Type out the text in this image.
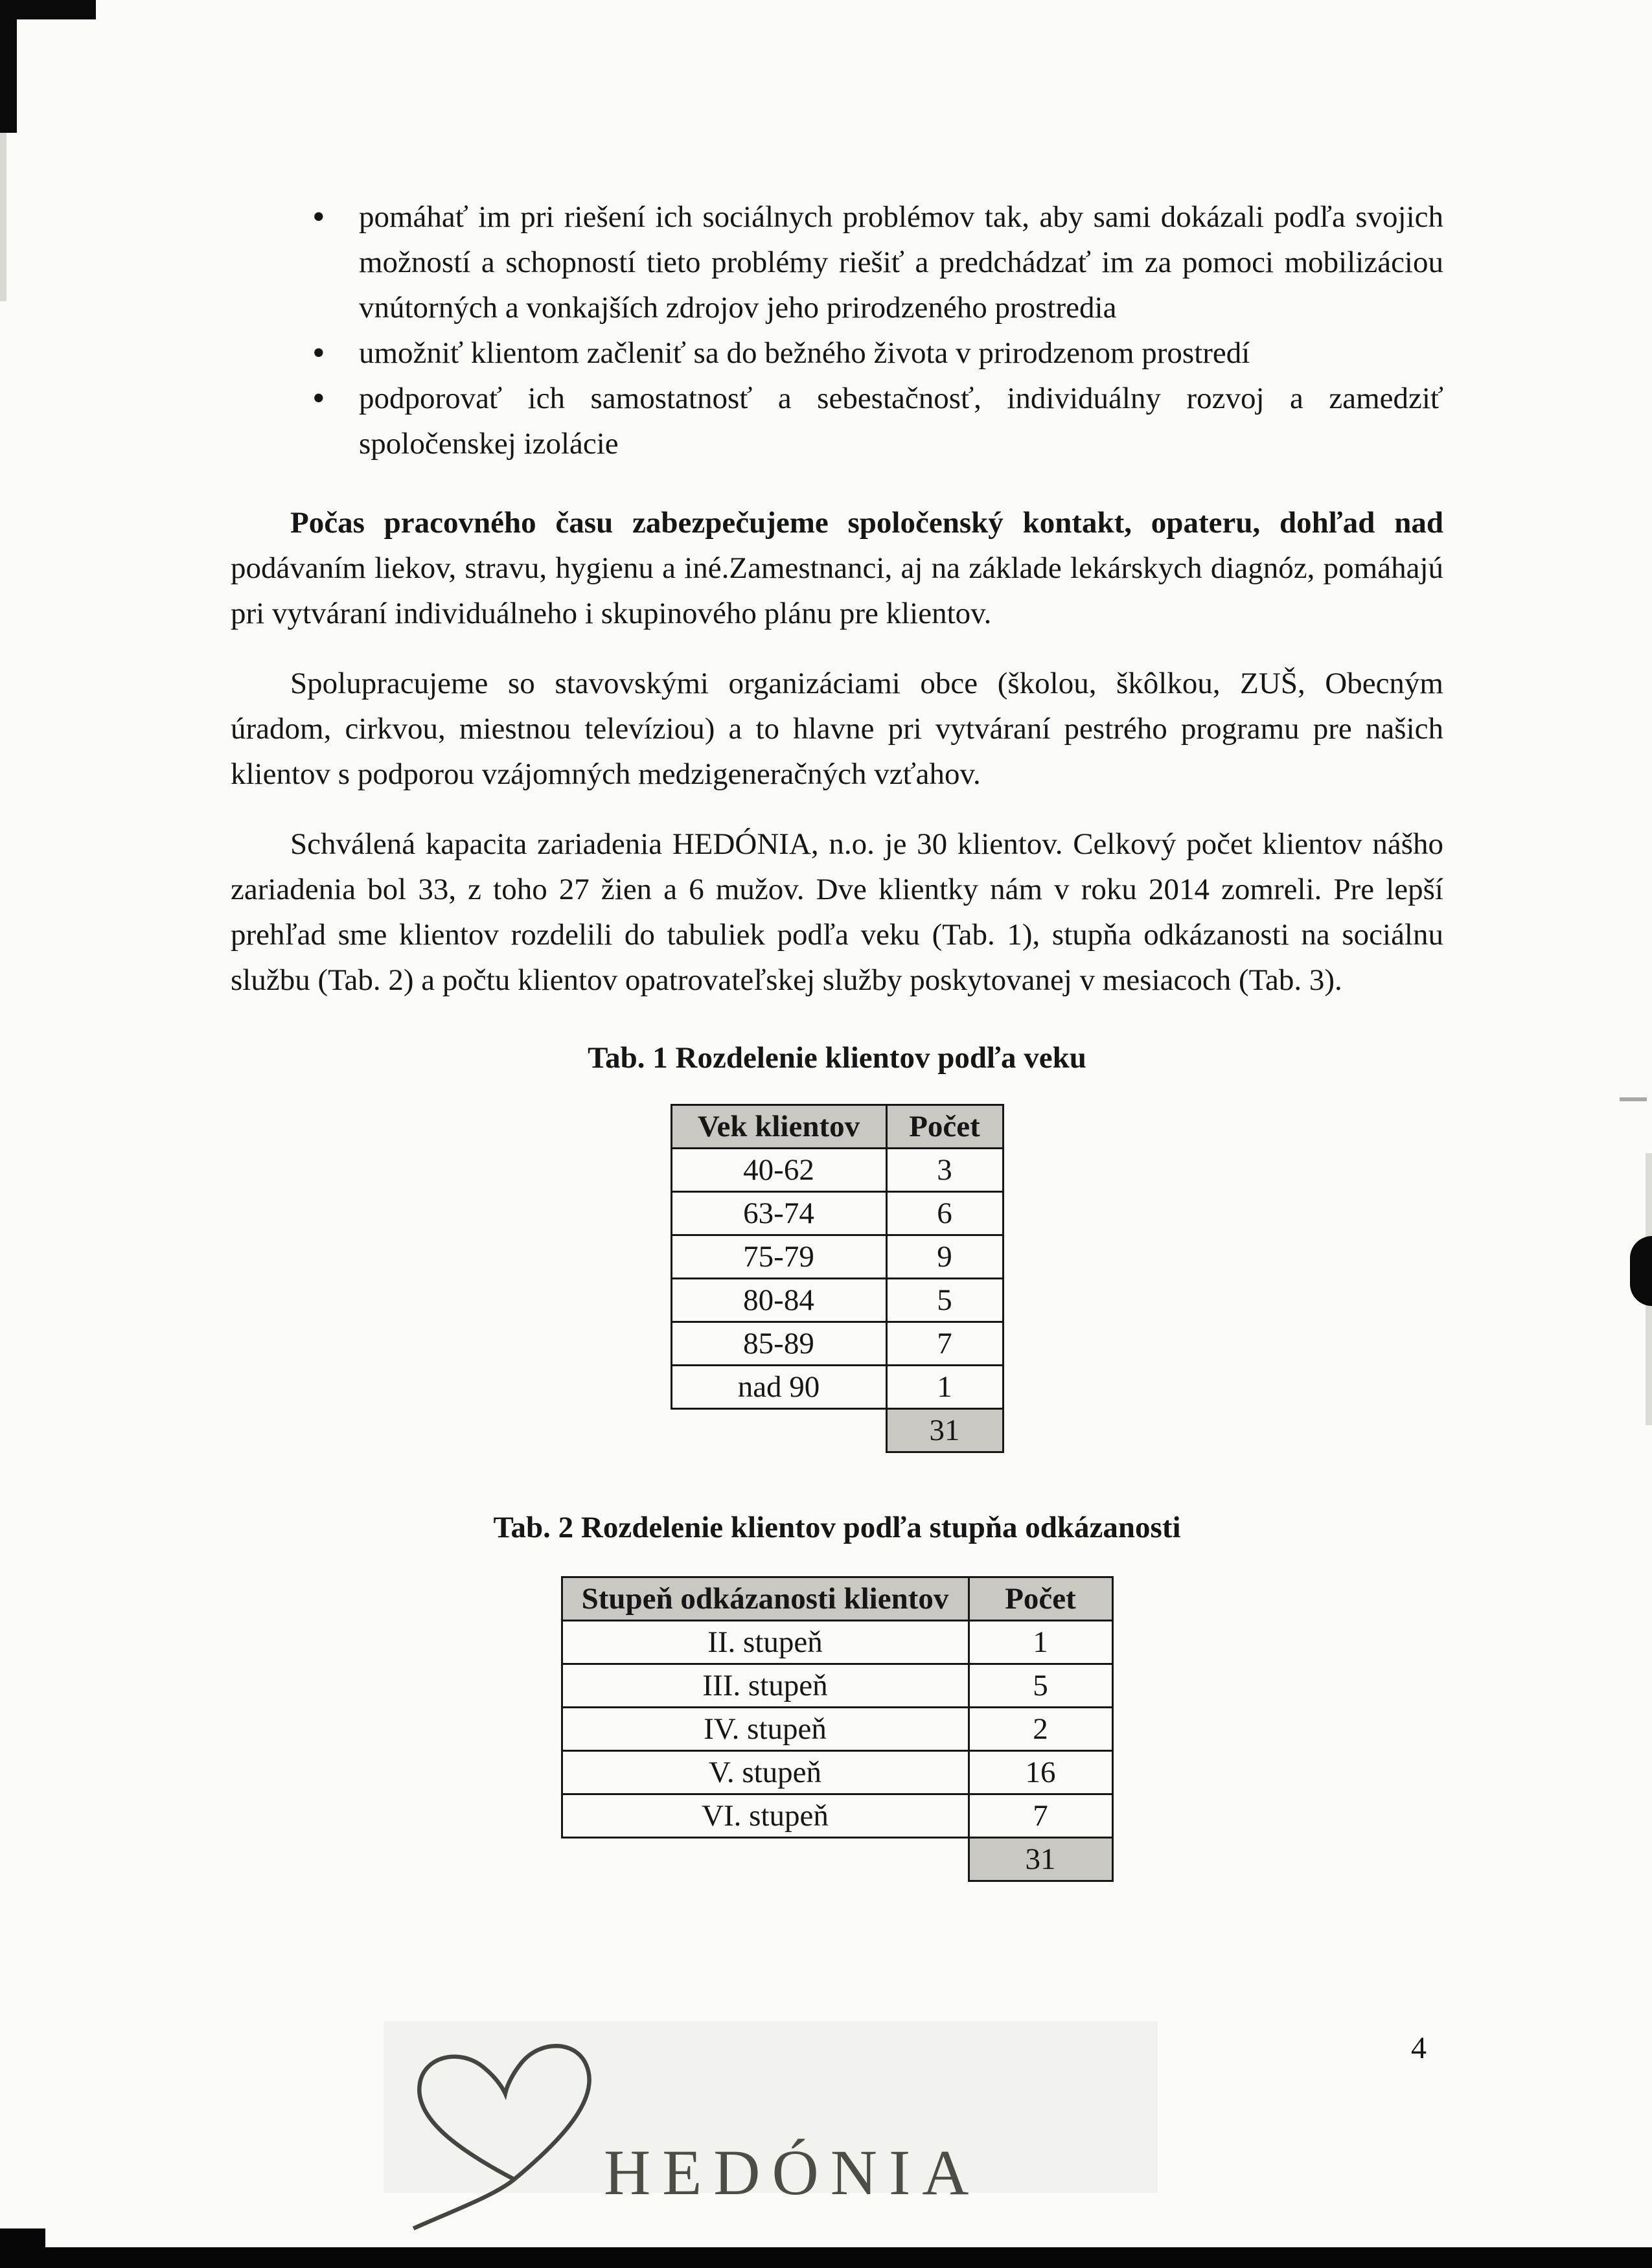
• pomáhať im pri riešení ich sociálnych problémov tak, aby sami dokázali podľa svojich možností a schopností tieto problémy riešiť a predchádzať im za pomoci mobilizáciou vnútorných a vonkajších zdrojov jeho prirodzeného prostredia
• umožniť klientom začleniť sa do bežného života v prirodzenom prostredí
• podporovať ich samostatnosť a sebestačnosť, individuálny rozvoj a zamedziť spoločenskej izolácie

Počas pracovného času zabezpečujeme spoločenský kontakt, opateru, dohľad nad podávaním liekov, stravu, hygienu a iné.Zamestnanci, aj na základe lekárskych diagnóz, pomáhajú pri vytváraní individuálneho i skupinového plánu pre klientov.

Spolupracujeme so stavovskými organizáciami obce (školou, škôlkou, ZUŠ, Obecným úradom, cirkvou, miestnou televíziou) a to hlavne pri vytváraní pestrého programu pre našich klientov s podporou vzájomných medzigeneračných vzťahov.

Schválená kapacita zariadenia HEDÓNIA, n.o. je 30 klientov. Celkový počet klientov nášho zariadenia bol 33, z toho 27 žien a 6 mužov. Dve klientky nám v roku 2014 zomreli. Pre lepší prehľad sme klientov rozdelili do tabuliek podľa veku (Tab. 1), stupňa odkázanosti na sociálnu službu (Tab. 2) a počtu klientov opatrovateľskej služby poskytovanej v mesiacoch (Tab. 3).

Tab. 1 Rozdelenie klientov podľa veku
Vek klientov	Počet
40-62	3
63-74	6
75-79	9
80-84	5
85-89	7
nad 90	1
	31
Tab. 2 Rozdelenie klientov podľa stupňa odkázanosti
Stupeň odkázanosti klientov	Počet
II. stupeň	1
III. stupeň	5
IV. stupeň	2
V. stupeň	16
VI. stupeň	7
	31
HEDÓNIA
4
